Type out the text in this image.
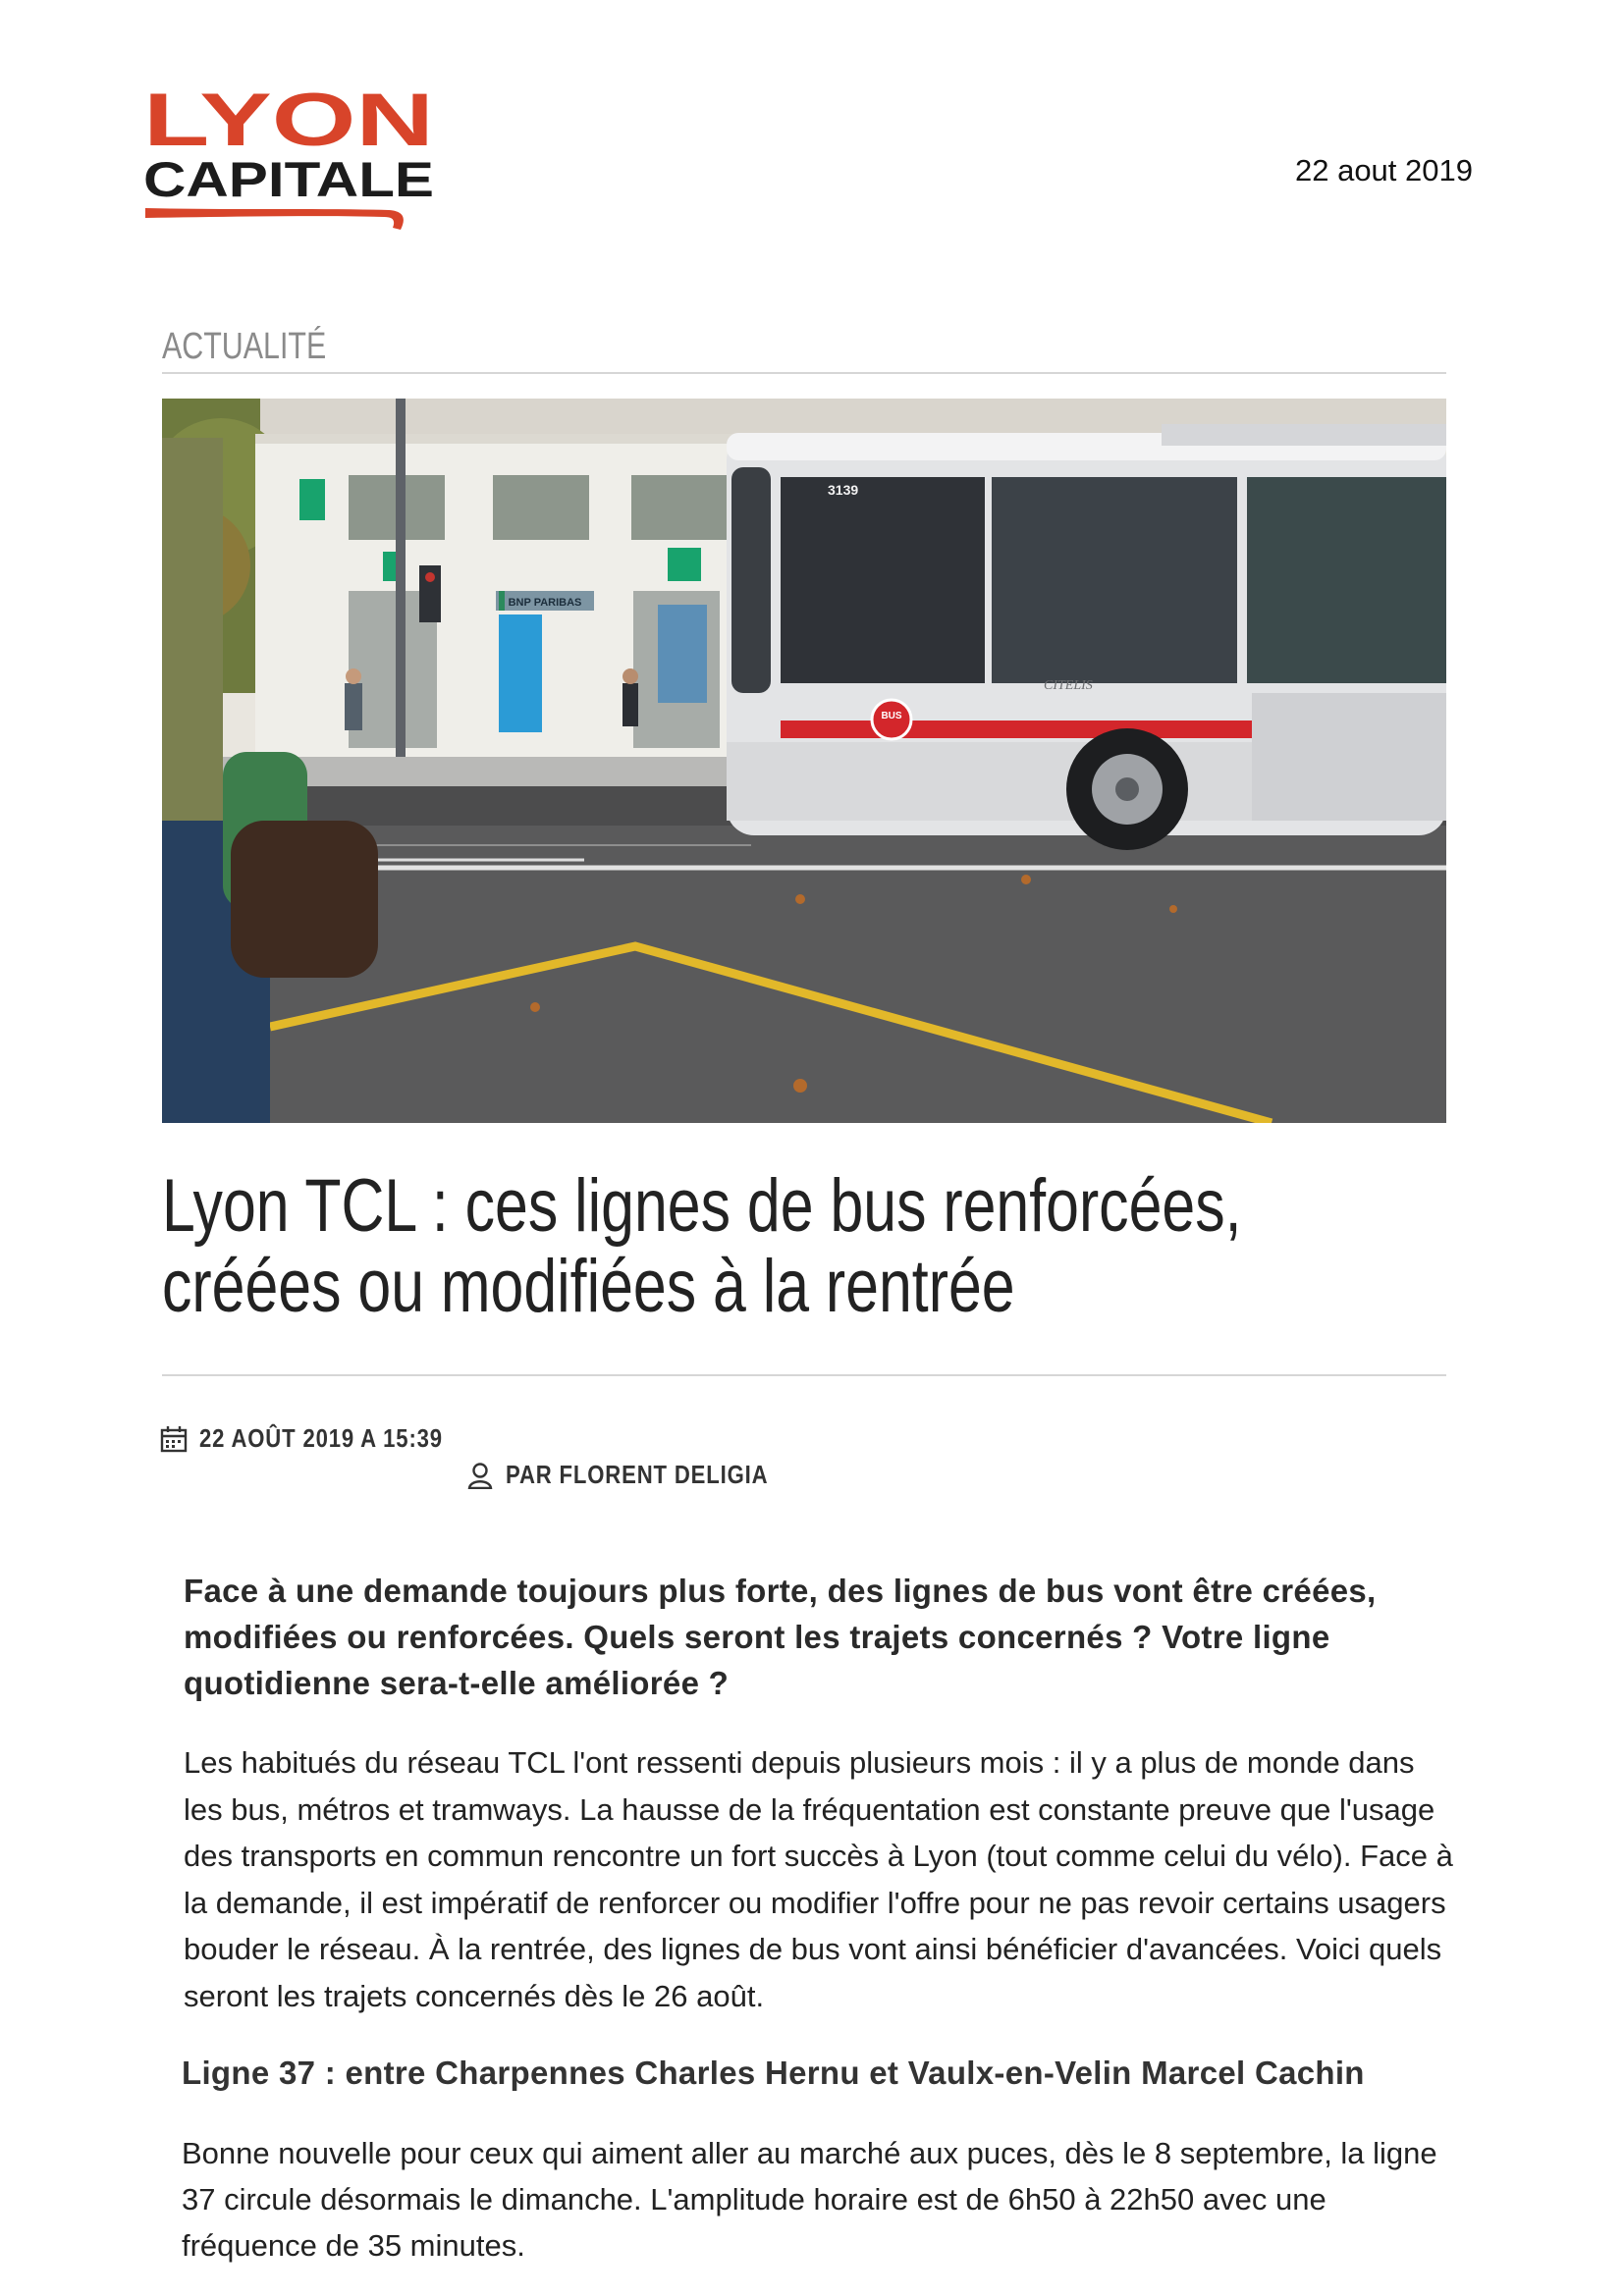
LYON
CAPITALE	22 aout 2019
ACTUALITÉ
BNP PARIBAS
3139
BUS
CITELIS
Lyon TCL : ces lignes de bus renforcées, créées ou modifiées à la rentrée
22 AOÛT 2019 A 15:39
PAR FLORENT DELIGIA

Face à une demande toujours plus forte, des lignes de bus vont être créées, modifiées ou renforcées. Quels seront les trajets concernés ? Votre ligne quotidienne sera-t-elle améliorée ?

Les habitués du réseau TCL l'ont ressenti depuis plusieurs mois : il y a plus de monde dans les bus, métros et tramways. La hausse de la fréquentation est constante preuve que l'usage des transports en commun rencontre un fort succès à Lyon (tout comme celui du vélo). Face à la demande, il est impératif de renforcer ou modifier l'offre pour ne pas revoir certains usagers bouder le réseau. À la rentrée, des lignes de bus vont ainsi bénéficier d'avancées. Voici quels seront les trajets concernés dès le 26 août.

Ligne 37 : entre Charpennes Charles Hernu et Vaulx-en-Velin Marcel Cachin

Bonne nouvelle pour ceux qui aiment aller au marché aux puces, dès le 8 septembre, la ligne 37 circule désormais le dimanche. L'amplitude horaire est de 6h50 à 22h50 avec une fréquence de 35 minutes.
